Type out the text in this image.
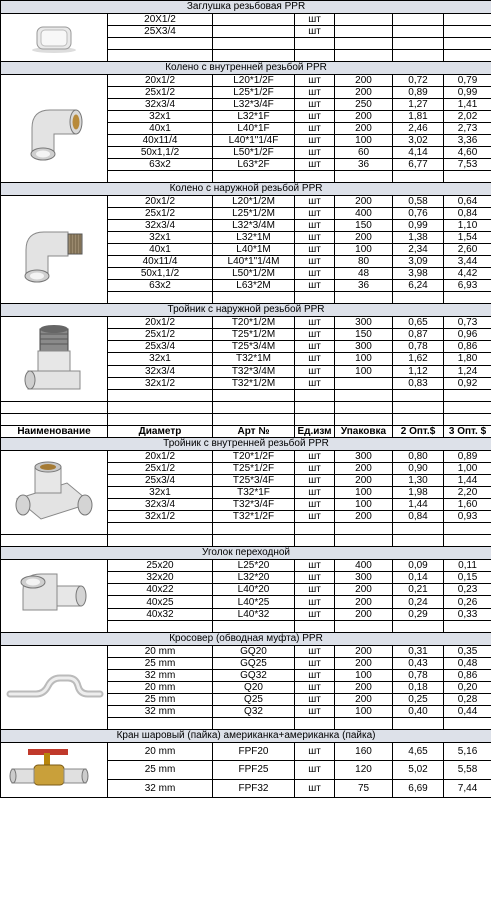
Заглушка резьбовая PPR						

	20X1/2		шт			
	25X3/4		шт			

Колено с внутренней резьбой PPR						

	20x1/2	L20*1/2F	шт	200	0,72	0,79
	25x1/2	L25*1/2F	шт	200	0,89	0,99
	32x3/4	L32*3/4F	шт	250	1,27	1,41
	32x1	L32*1F	шт	200	1,81	2,02
	40x1	L40*1F	шт	200	2,46	2,73
	40x11/4	L40*1"1/4F	шт	100	3,02	3,36
	50x1,1/2	L50*1/2F	шт	60	4,14	4,60
	63x2	L63*2F	шт	36	6,77	7,53

Колено с наружной резьбой PPR						

	20x1/2	L20*1/2M	шт	200	0,58	0,64
	25x1/2	L25*1/2M	шт	400	0,76	0,84
	32x3/4	L32*3/4M	шт	150	0,99	1,10
	32x1	L32*1M	шт	200	1,38	1,54
	40x1	L40*1M	шт	100	2,34	2,60
	40x11/4	L40*1"1/4M	шт	80	3,09	3,44
	50x1,1/2	L50*1/2M	шт	48	3,98	4,42
	63x2	L63*2M	шт	36	6,24	6,93

Тройник с наружной резьбой PPR						

	20x1/2	T20*1/2M	шт	300	0,65	0,73
	25x1/2	T25*1/2M	шт	150	0,87	0,96
	25x3/4	T25*3/4M	шт	300	0,78	0,86
	32x1	T32*1M	шт	100	1,62	1,80
	32x3/4	T32*3/4M	шт	100	1,12	1,24
	32x1/2	T32*1/2M	шт		0,83	0,92

Наименование	Диаметр	Арт №	Ед.изм	Упаковка	2 Опт.$	3 Опт. $
Тройник с внутренней резьбой PPR						

	20x1/2	T20*1/2F	шт	300	0,80	0,89
	25x1/2	T25*1/2F	шт	200	0,90	1,00
	25x3/4	T25*3/4F	шт	200	1,30	1,44
	32x1	T32*1F	шт	100	1,98	2,20
	32x3/4	T32*3/4F	шт	100	1,44	1,60
	32x1/2	T32*1/2F	шт	200	0,84	0,93

Уголок переходной						

	25x20	L25*20	шт	400	0,09	0,11
	32x20	L32*20	шт	300	0,14	0,15
	40x22	L40*20	шт	200	0,21	0,23
	40x25	L40*25	шт	200	0,24	0,26
	40x32	L40*32	шт	200	0,29	0,33

Кросовер (обводная муфта) PPR						

	20 mm	GQ20	шт	200	0,31	0,35
	25 mm	GQ25	шт	200	0,43	0,48
	32 mm	GQ32	шт	100	0,78	0,86
	20 mm	Q20	шт	200	0,18	0,20
	25 mm	Q25	шт	200	0,25	0,28
	32 mm	Q32	шт	100	0,40	0,44

Кран шаровый (пайка) американка+американка (пайка)						

	20 mm	FPF20	шт	160	4,65	5,16
	25 mm	FPF25	шт	120	5,02	5,58
	32 mm	FPF32	шт	75	6,69	7,44
